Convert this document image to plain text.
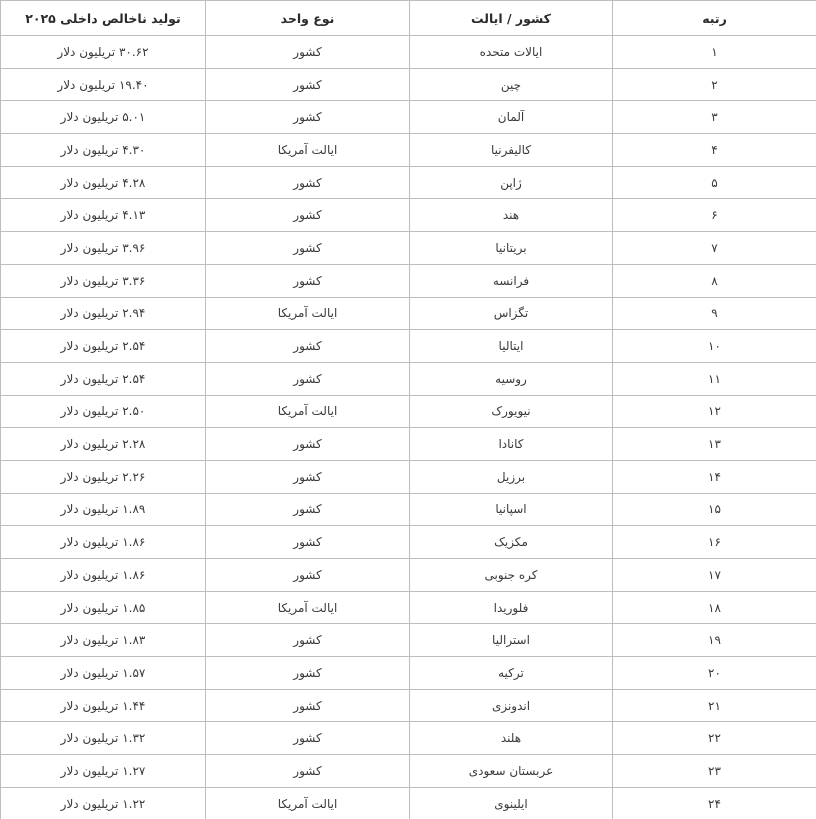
رتبه	کشور / ایالت	نوع واحد	تولید ناخالص داخلی ۲۰۲۵
۱	ایالات متحده	کشور	۳۰.۶۲ تریلیون دلار
۲	چین	کشور	۱۹.۴۰ تریلیون دلار
۳	آلمان	کشور	۵.۰۱ تریلیون دلار
۴	کالیفرنیا	ایالت آمریکا	۴.۳۰ تریلیون دلار
۵	ژاپن	کشور	۴.۲۸ تریلیون دلار
۶	هند	کشور	۴.۱۳ تریلیون دلار
۷	بریتانیا	کشور	۳.۹۶ تریلیون دلار
۸	فرانسه	کشور	۳.۳۶ تریلیون دلار
۹	تگزاس	ایالت آمریکا	۲.۹۴ تریلیون دلار
۱۰	ایتالیا	کشور	۲.۵۴ تریلیون دلار
۱۱	روسیه	کشور	۲.۵۴ تریلیون دلار
۱۲	نیویورک	ایالت آمریکا	۲.۵۰ تریلیون دلار
۱۳	کانادا	کشور	۲.۲۸ تریلیون دلار
۱۴	برزیل	کشور	۲.۲۶ تریلیون دلار
۱۵	اسپانیا	کشور	۱.۸۹ تریلیون دلار
۱۶	مکزیک	کشور	۱.۸۶ تریلیون دلار
۱۷	کره جنوبی	کشور	۱.۸۶ تریلیون دلار
۱۸	فلوریدا	ایالت آمریکا	۱.۸۵ تریلیون دلار
۱۹	استرالیا	کشور	۱.۸۳ تریلیون دلار
۲۰	ترکیه	کشور	۱.۵۷ تریلیون دلار
۲۱	اندونزی	کشور	۱.۴۴ تریلیون دلار
۲۲	هلند	کشور	۱.۳۲ تریلیون دلار
۲۳	عربستان سعودی	کشور	۱.۲۷ تریلیون دلار
۲۴	ایلینوی	ایالت آمریکا	۱.۲۲ تریلیون دلار
